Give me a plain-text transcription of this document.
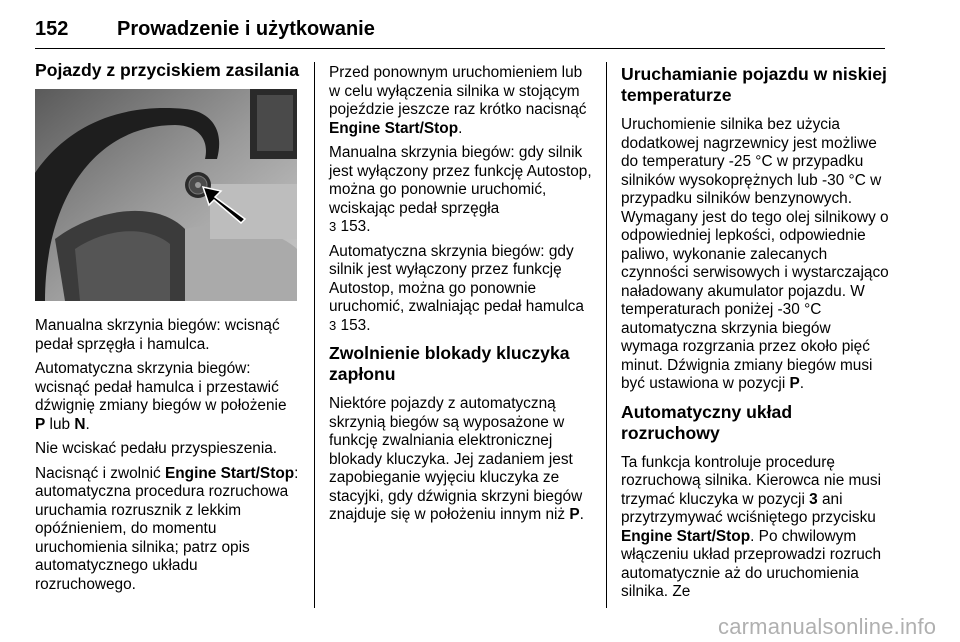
152 Prowadzenie i użytkowanie
Pojazdy z przyciskiem zasilania

Manualna skrzynia biegów: wcisnąć pedał sprzęgła i hamulca.

Automatyczna skrzynia biegów: wcisnąć pedał hamulca i przestawić dźwignię zmiany biegów w położenie P lub N.

Nie wciskać pedału przyspieszenia.

Nacisnąć i zwolnić Engine Start/Stop: automatyczna procedura rozruchowa uruchamia rozrusznik z lekkim opóźnieniem, do momentu uruchomienia silnika; patrz opis automatycznego układu rozruchowego.

Przed ponownym uruchomieniem lub w celu wyłączenia silnika w stojącym pojeździe jeszcze raz krótko nacisnąć Engine Start/Stop.

Manualna skrzynia biegów: gdy silnik jest wyłączony przez funkcję Autostop, można go ponownie uruchomić, wciskając pedał sprzęgła
3 153.

Automatyczna skrzynia biegów: gdy silnik jest wyłączony przez funkcję Autostop, można go ponownie uruchomić, zwalniając pedał hamulca
3 153.

Zwolnienie blokady kluczyka zapłonu

Niektóre pojazdy z automatyczną skrzynią biegów są wyposażone w funkcję zwalniania elektronicznej blokady kluczyka. Jej zadaniem jest zapobieganie wyjęciu kluczyka ze stacyjki, gdy dźwignia skrzyni biegów znajduje się w położeniu innym niż P.

Uruchamianie pojazdu w niskiej temperaturze

Uruchomienie silnika bez użycia dodatkowej nagrzewnicy jest możliwe do temperatury -25 °C w przypadku silników wysokoprężnych lub -30 °C w przypadku silników benzynowych. Wymagany jest do tego olej silnikowy o odpowiedniej lepkości, odpowiednie paliwo, wykonanie zalecanych czynności serwisowych i wystarczająco naładowany akumulator pojazdu. W temperaturach poniżej -30 °C automatyczna skrzynia biegów wymaga rozgrzania przez około pięć minut. Dźwignia zmiany biegów musi być ustawiona w pozycji P.

Automatyczny układ rozruchowy

Ta funkcja kontroluje procedurę rozruchową silnika. Kierowca nie musi trzymać kluczyka w pozycji 3 ani przytrzymywać wciśniętego przycisku Engine Start/Stop. Po chwilowym włączeniu układ przeprowadzi rozruch automatycznie aż do uruchomienia silnika. Ze

carmanualsonline.info
